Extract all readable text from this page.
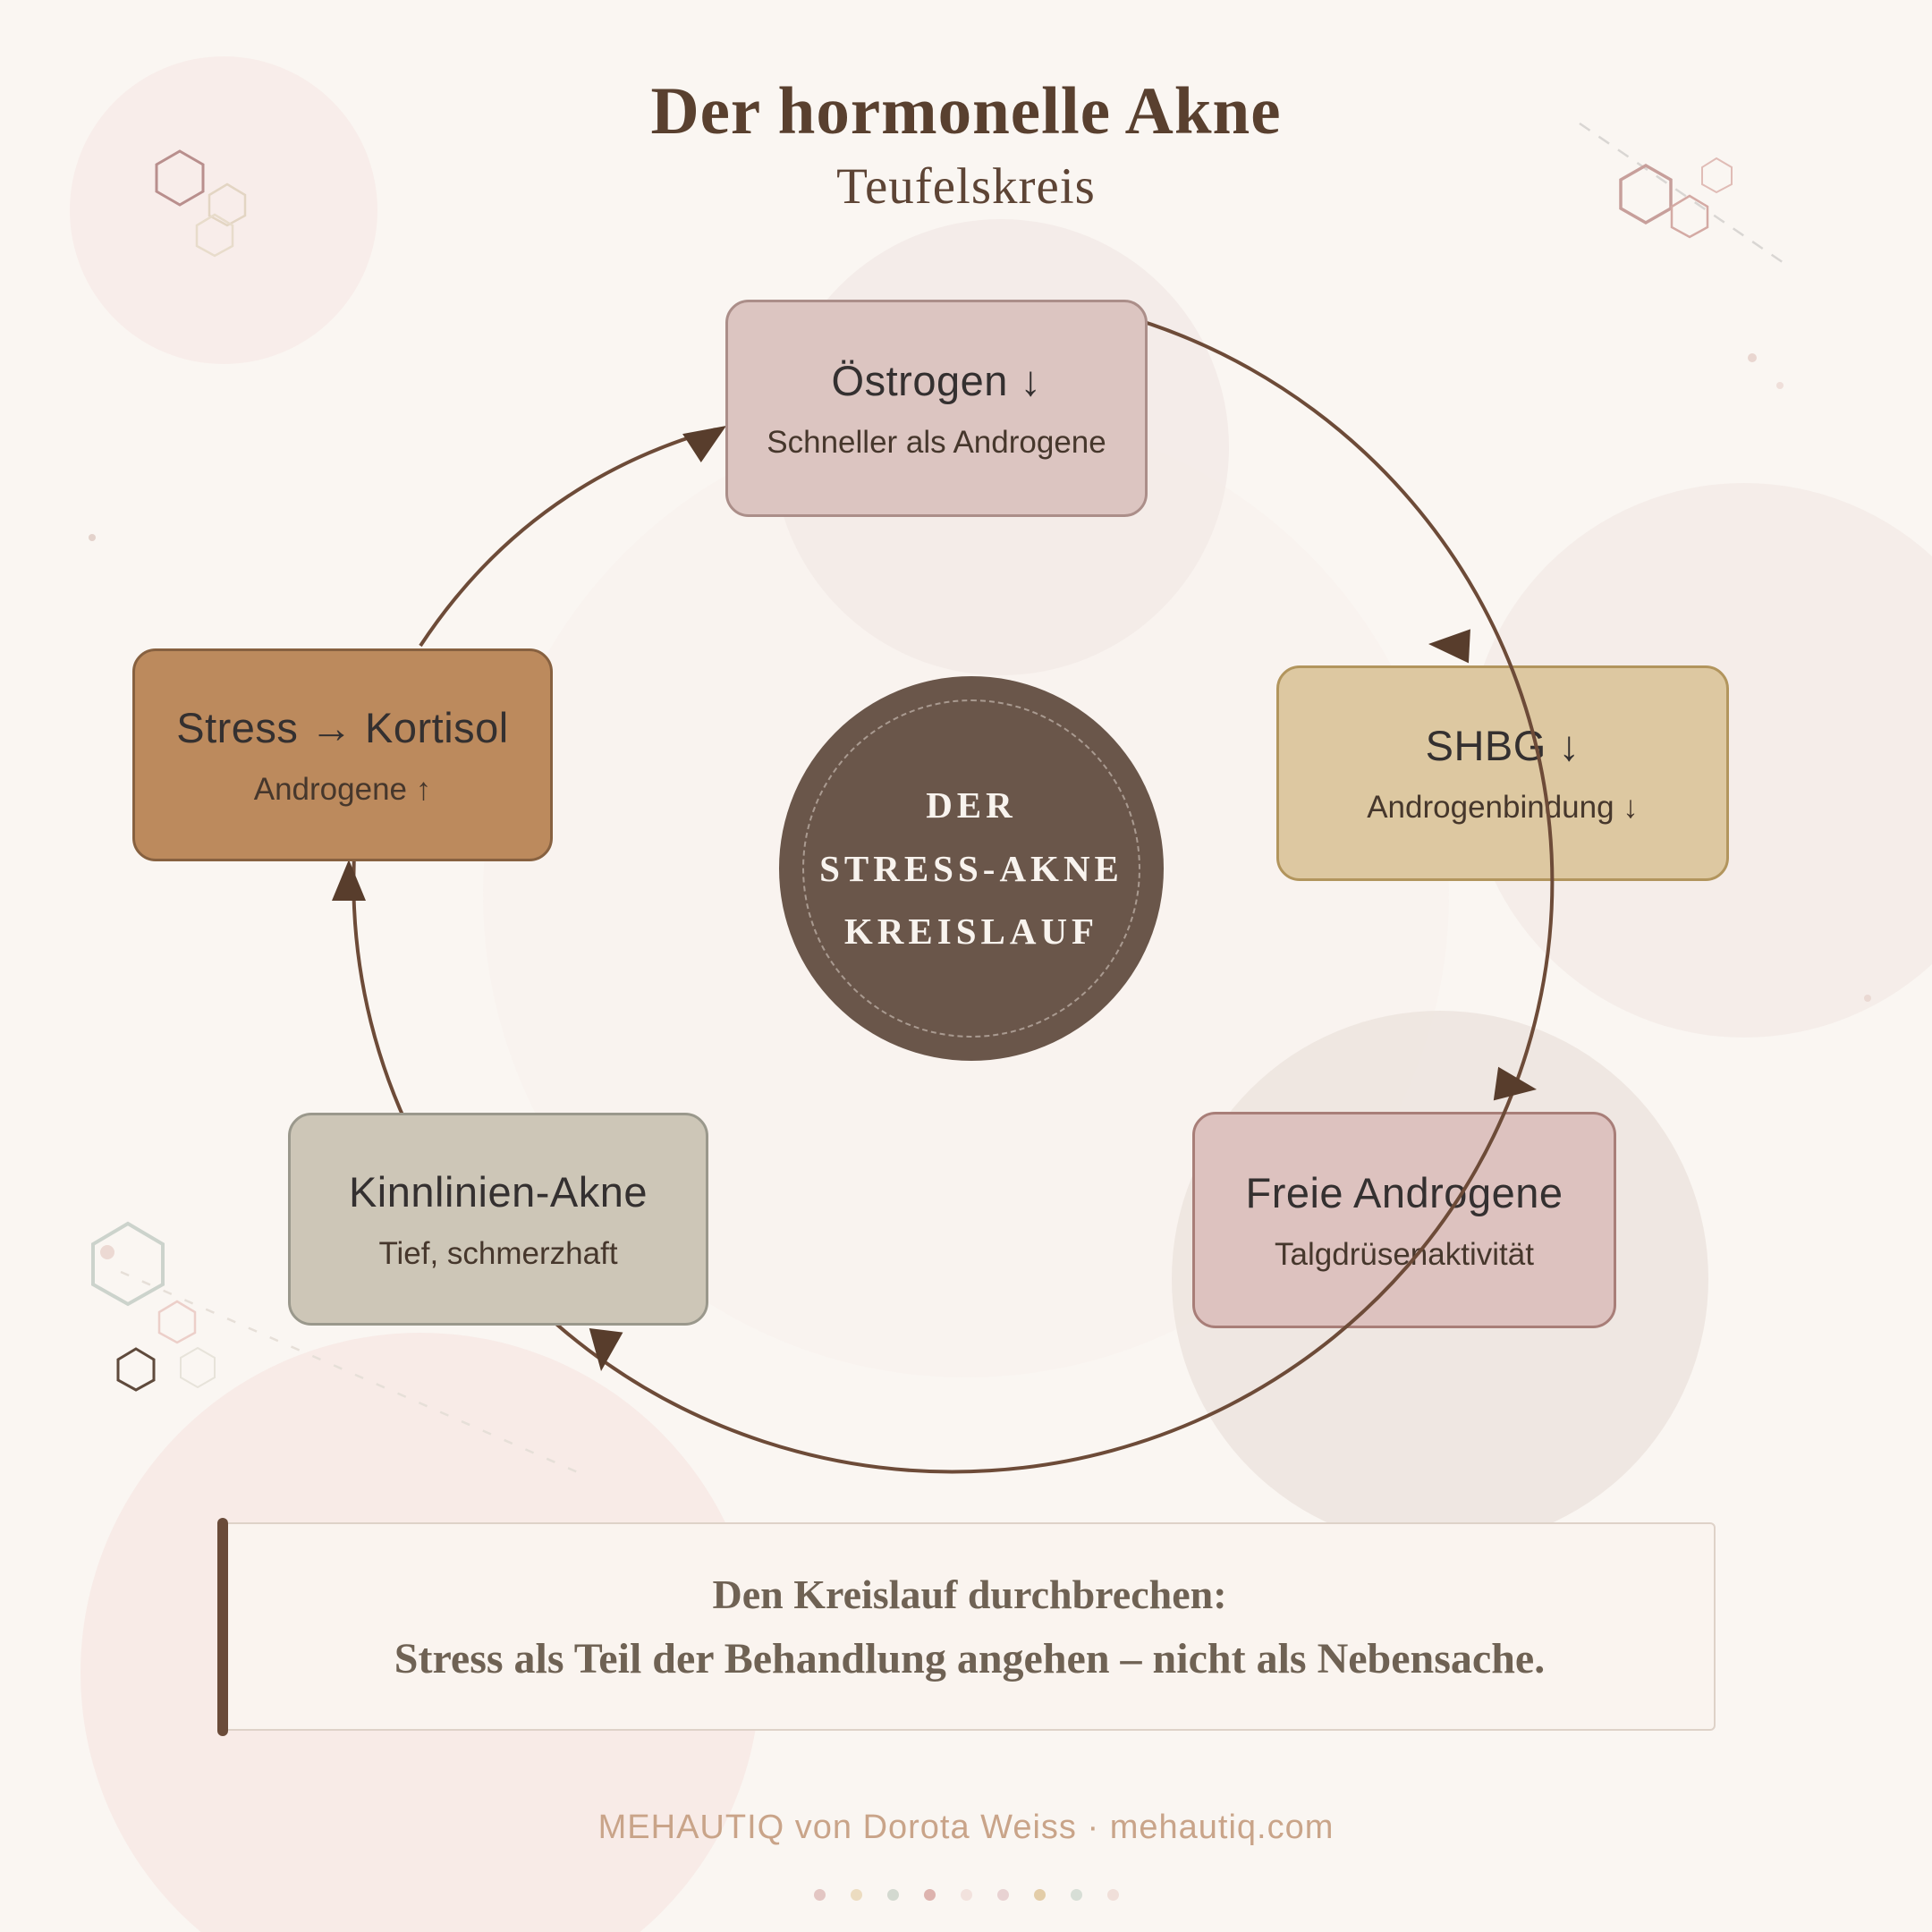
SHBG ↓
Androgenbindung ↓
Freie Androgene
Talgdrüsenaktivität
Östrogen ↓
Schneller als Androgene
Kinnlinien-Akne
Tief, schmerzhaft
Stress → Kortisol
Androgene ↑	DER
STRESS-AKNE
KREISLAUF
Der hormonelle Akne
Teufelskreis
Den Kreislauf durchbrechen:
Stress als Teil der Behandlung angehen – nicht als Nebensache.
MEHAUTIQ von Dorota Weiss · mehautiq.com
